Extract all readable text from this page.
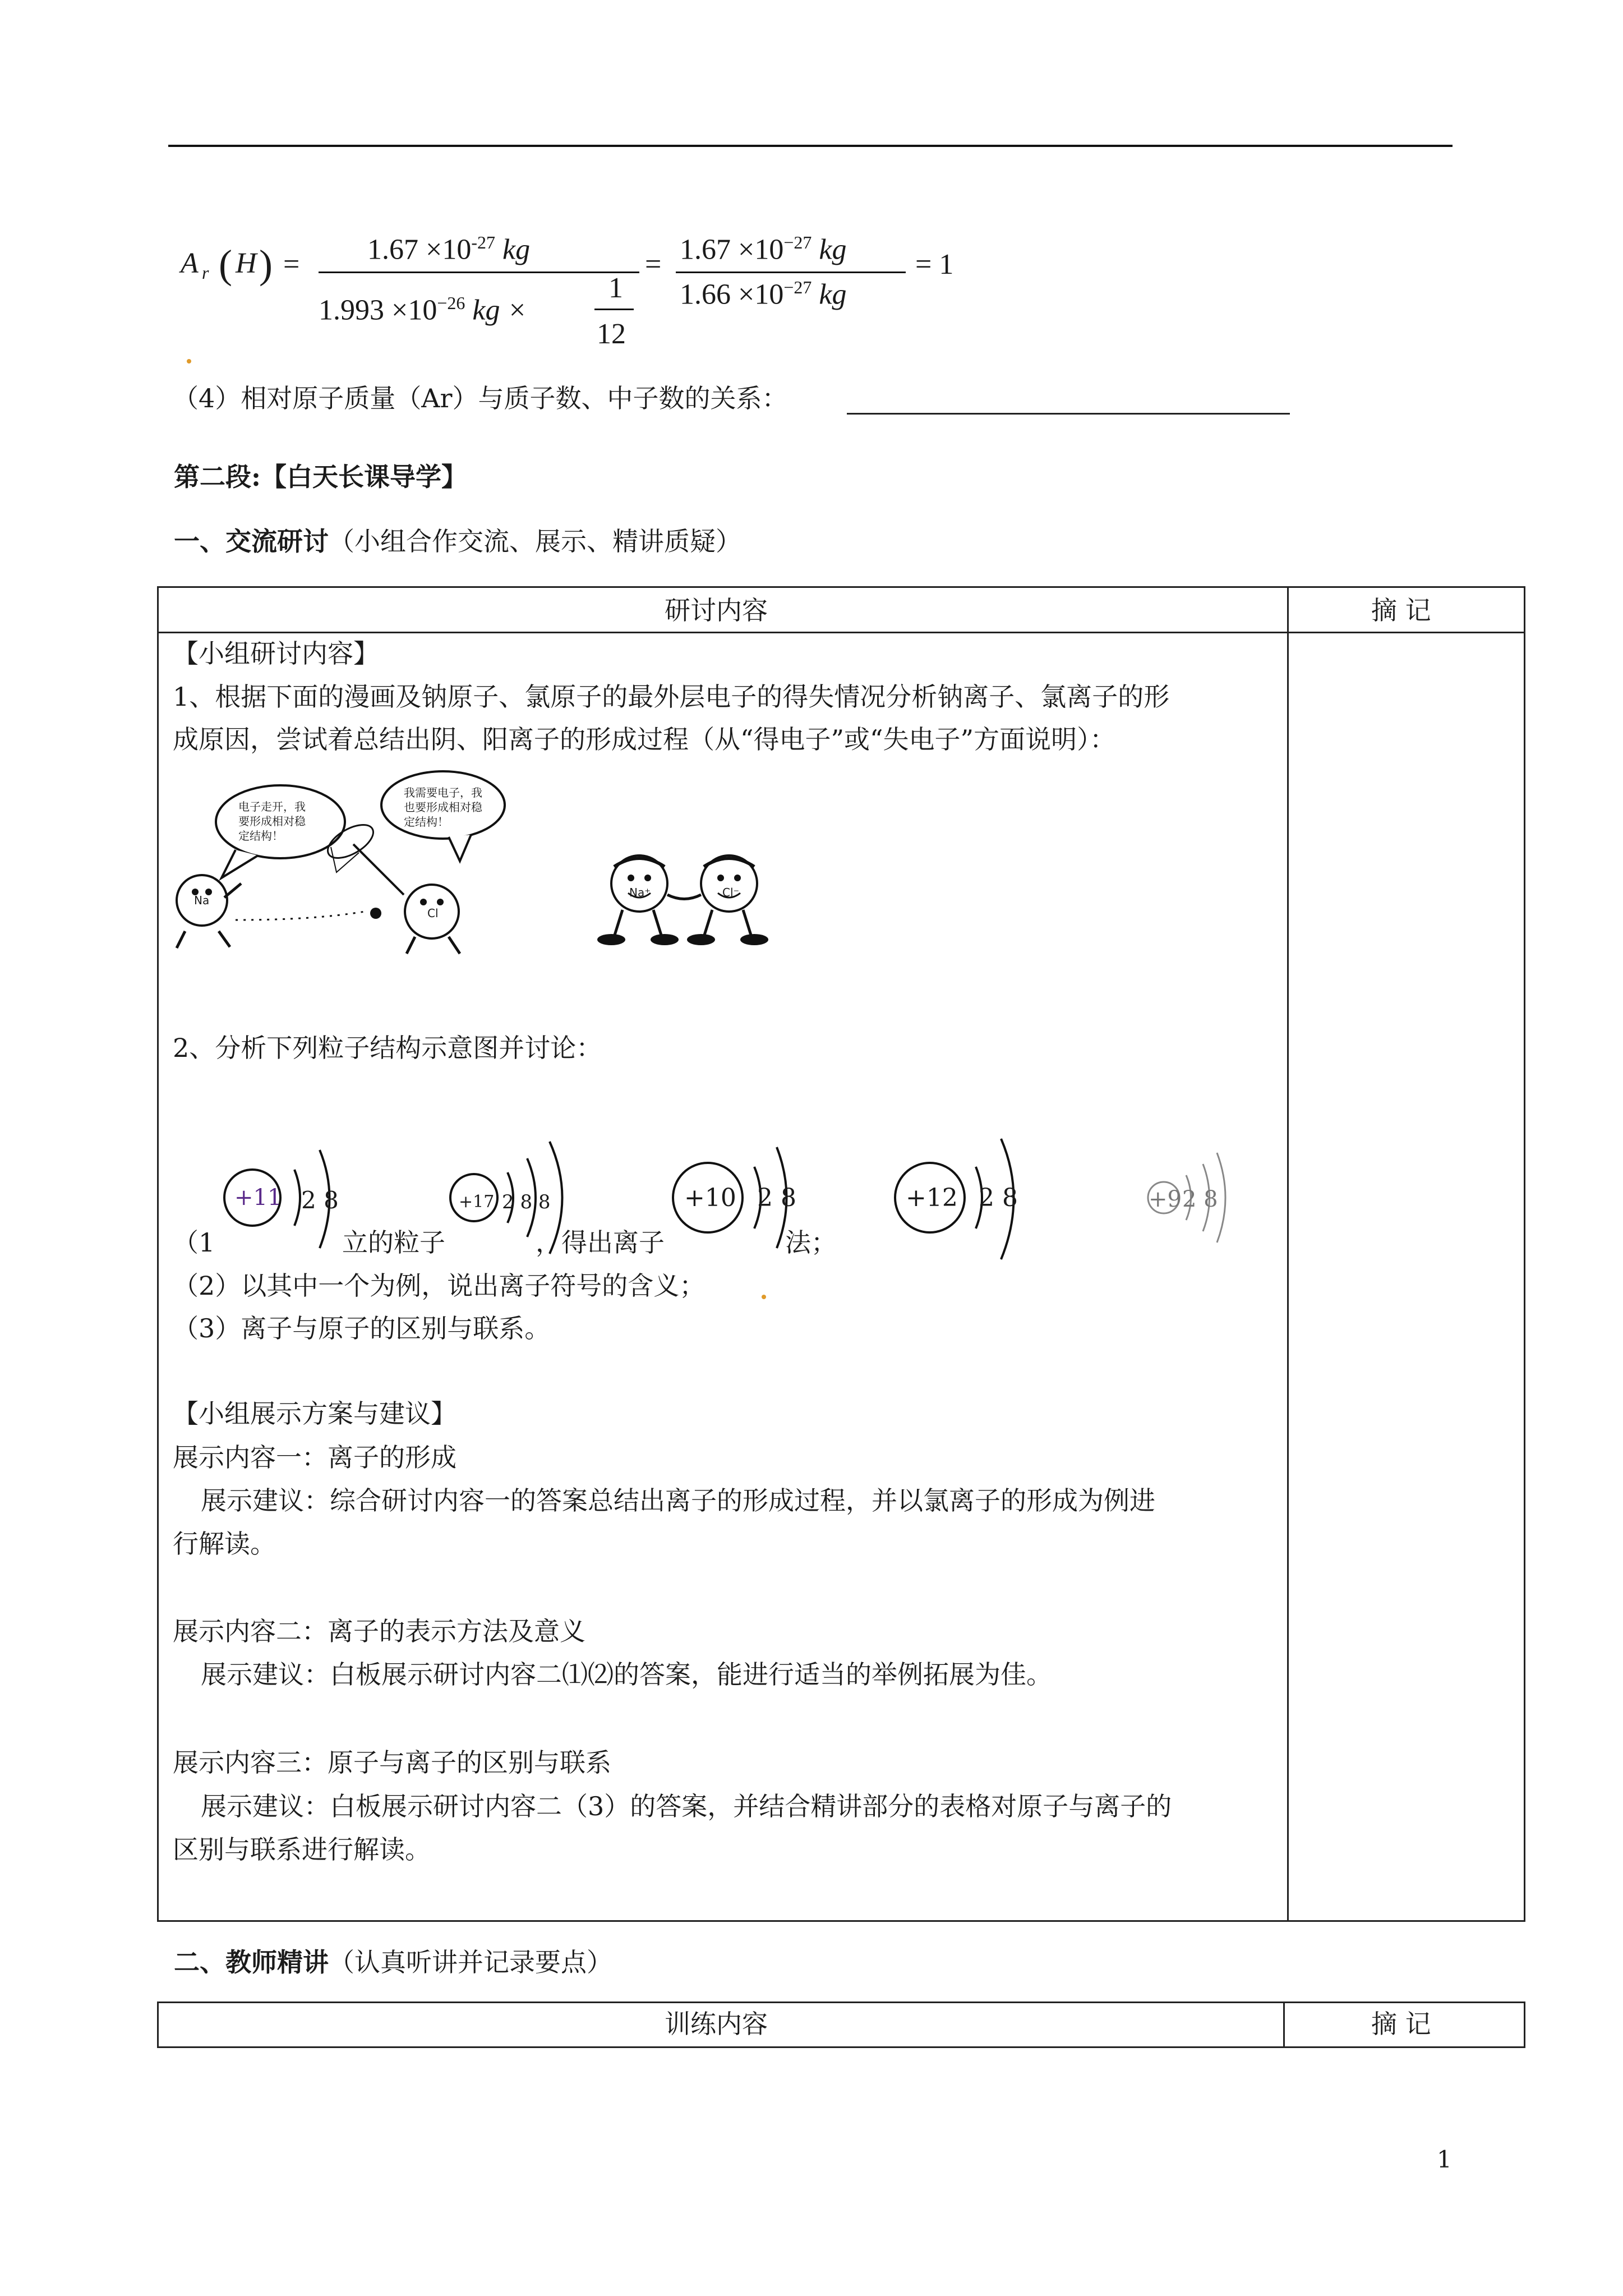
A r ( H ) = $1.67 \times 10^{-27}$ kg
$1.993 \times 10^{-26}$ kg ×
1
12
= $1.67 \times 10^{-27}$ kg
$1.66 \times 10^{-27}$ kg
= 1
（4）相对原子质量（Ar）与质子数、中子数的关系：
第二段:【白天长课导学】
一、交流研讨（小组合作交流、展示、精讲质疑）
研讨内容	摘 记
【小组研讨内容】
1、根据下面的漫画及钠原子、氯原子的最外层电子的得失情况分析钠离子、氯离子的形
成原因，尝试着总结出阴、阳离子的形成过程（从“得电子”或“失电子”方面说明）：
电子走开，我
要形成相对稳
定结构！
我需要电子，我
也要形成相对稳
定结构！
Na
Cl
Na⁺	Cl⁻
2、分析下列粒子结构示意图并讨论：
+11 2 8	+17 2 8 8	+10 2 8	+12 2 8	+9 2 8
（1	立的粒子	，得出离子	法；
（2）以其中一个为例，说出离子符号的含义；
（3）离子与原子的区别与联系。
【小组展示方案与建议】
展示内容一：离子的形成
展示建议：综合研讨内容一的答案总结出离子的形成过程，并以氯离子的形成为例进
行解读。
展示内容二：离子的表示方法及意义
展示建议：白板展示研讨内容二⑴⑵的答案，能进行适当的举例拓展为佳。
展示内容三：原子与离子的区别与联系
展示建议：白板展示研讨内容二（3）的答案，并结合精讲部分的表格对原子与离子的
区别与联系进行解读。
二、教师精讲（认真听讲并记录要点）
训练内容	摘 记
1
